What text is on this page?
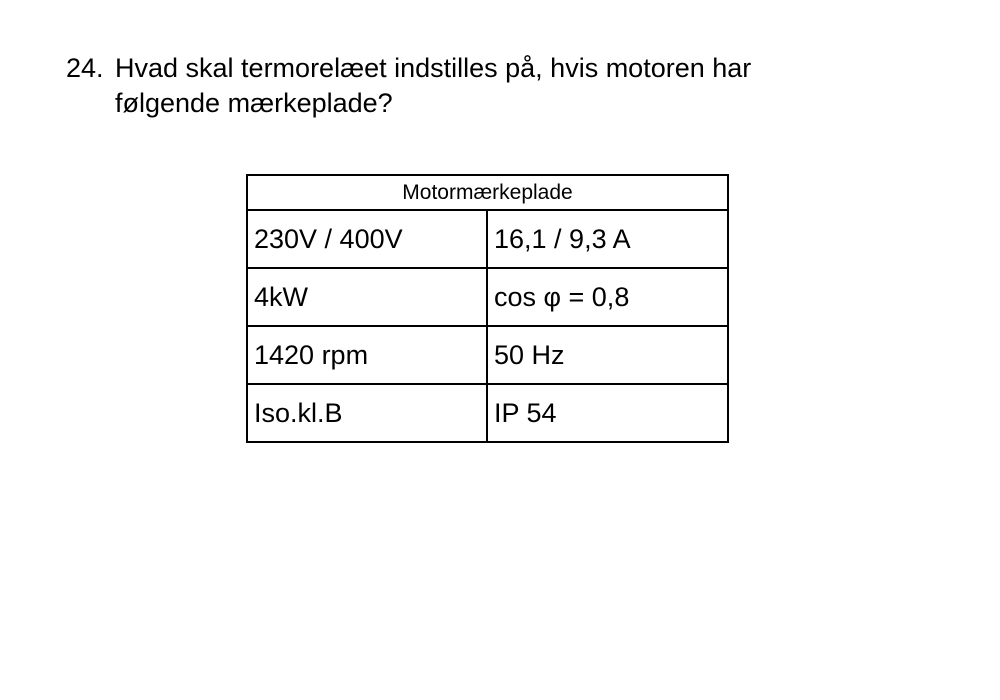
24. Hvad skal termorelæet indstilles på, hvis motoren har
følgende mærkeplade?
Motormærkeplade	
230V / 400V	16,1 / 9,3 A
4kW	cos φ = 0,8
1420 rpm	50 Hz
Iso.kl.B	IP 54
